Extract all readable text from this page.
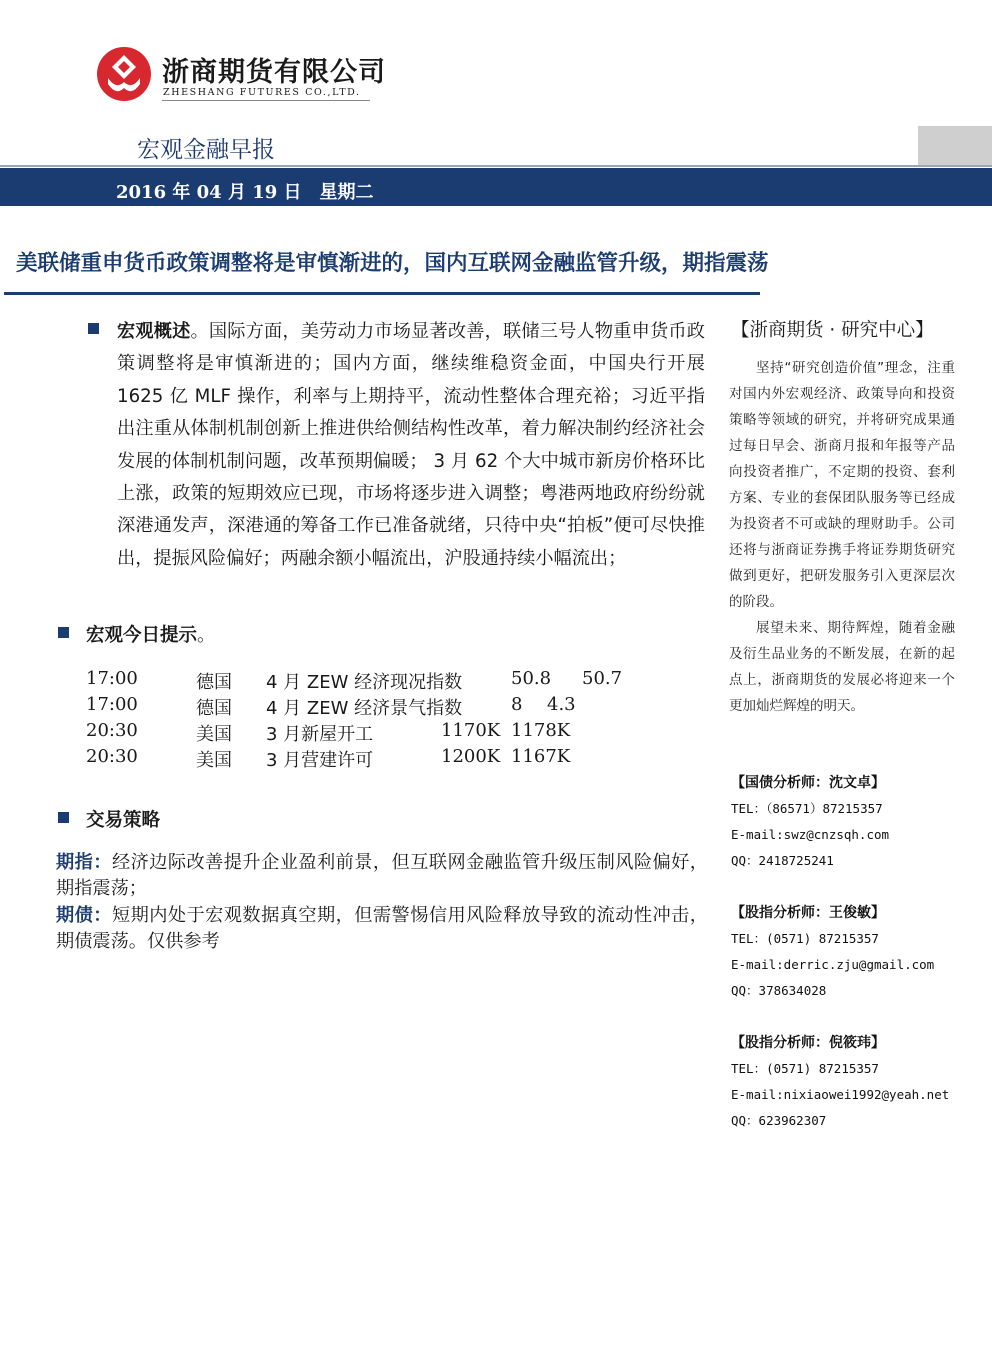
浙商期货有限公司
ZHESHANG FUTURES CO.,LTD.
宏观金融早报
2016 年 04 月 19 日 星期二
美联储重申货币政策调整将是审慎渐进的，国内互联网金融监管升级，期指震荡
宏观概述。国际方面，美劳动力市场显著改善，联储三号人物重申货币政策调整将是审慎渐进的；国内方面，继续维稳资金面，中国央行开展 1625 亿 MLF 操作，利率与上期持平，流动性整体合理充裕；习近平指出注重从体制机制创新上推进供给侧结构性改革，着力解决制约经济社会发展的体制机制问题，改革预期偏暖； 3 月 62 个大中城市新房价格环比上涨，政策的短期效应已现，市场将逐步进入调整；粤港两地政府纷纷就深港通发声，深港通的筹备工作已准备就绪，只待中央“拍板”便可尽快推出，提振风险偏好；两融余额小幅流出，沪股通持续小幅流出；
宏观今日提示。
17:00	德国 4 月 ZEW 经济现况指数	50.8 50.7
17:00	德国 4 月 ZEW 经济景气指数	8 4.3
20:30	美国 3 月新屋开工	1170K 1178K
20:30	美国 3 月营建许可	1200K 1167K
交易策略
期指：经济边际改善提升企业盈利前景，但互联网金融监管升级压制风险偏好，期指震荡；
期债：短期内处于宏观数据真空期，但需警惕信用风险释放导致的流动性冲击，期债震荡。仅供参考
【浙商期货 · 研究中心】

坚持“研究创造价值”理念，注重对国内外宏观经济、政策导向和投资策略等领域的研究，并将研究成果通过每日早会、浙商月报和年报等产品向投资者推广，不定期的投资、套利方案、专业的套保团队服务等已经成为投资者不可或缺的理财助手。公司还将与浙商证券携手将证券期货研究做到更好，把研发服务引入更深层次的阶段。

展望未来、期待辉煌，随着金融及衍生品业务的不断发展，在新的起点上，浙商期货的发展必将迎来一个更加灿烂辉煌的明天。

【国债分析师：沈文卓】
TEL：（86571）87215357
E-mail:swz@cnzsqh.com
QQ：2418725241
【股指分析师：王俊敏】
TEL：(0571) 87215357
E-mail:derric.zju@gmail.com
QQ：378634028
【股指分析师：倪筱玮】
TEL：(0571) 87215357
E-mail:nixiaowei1992@yeah.net
QQ：623962307
